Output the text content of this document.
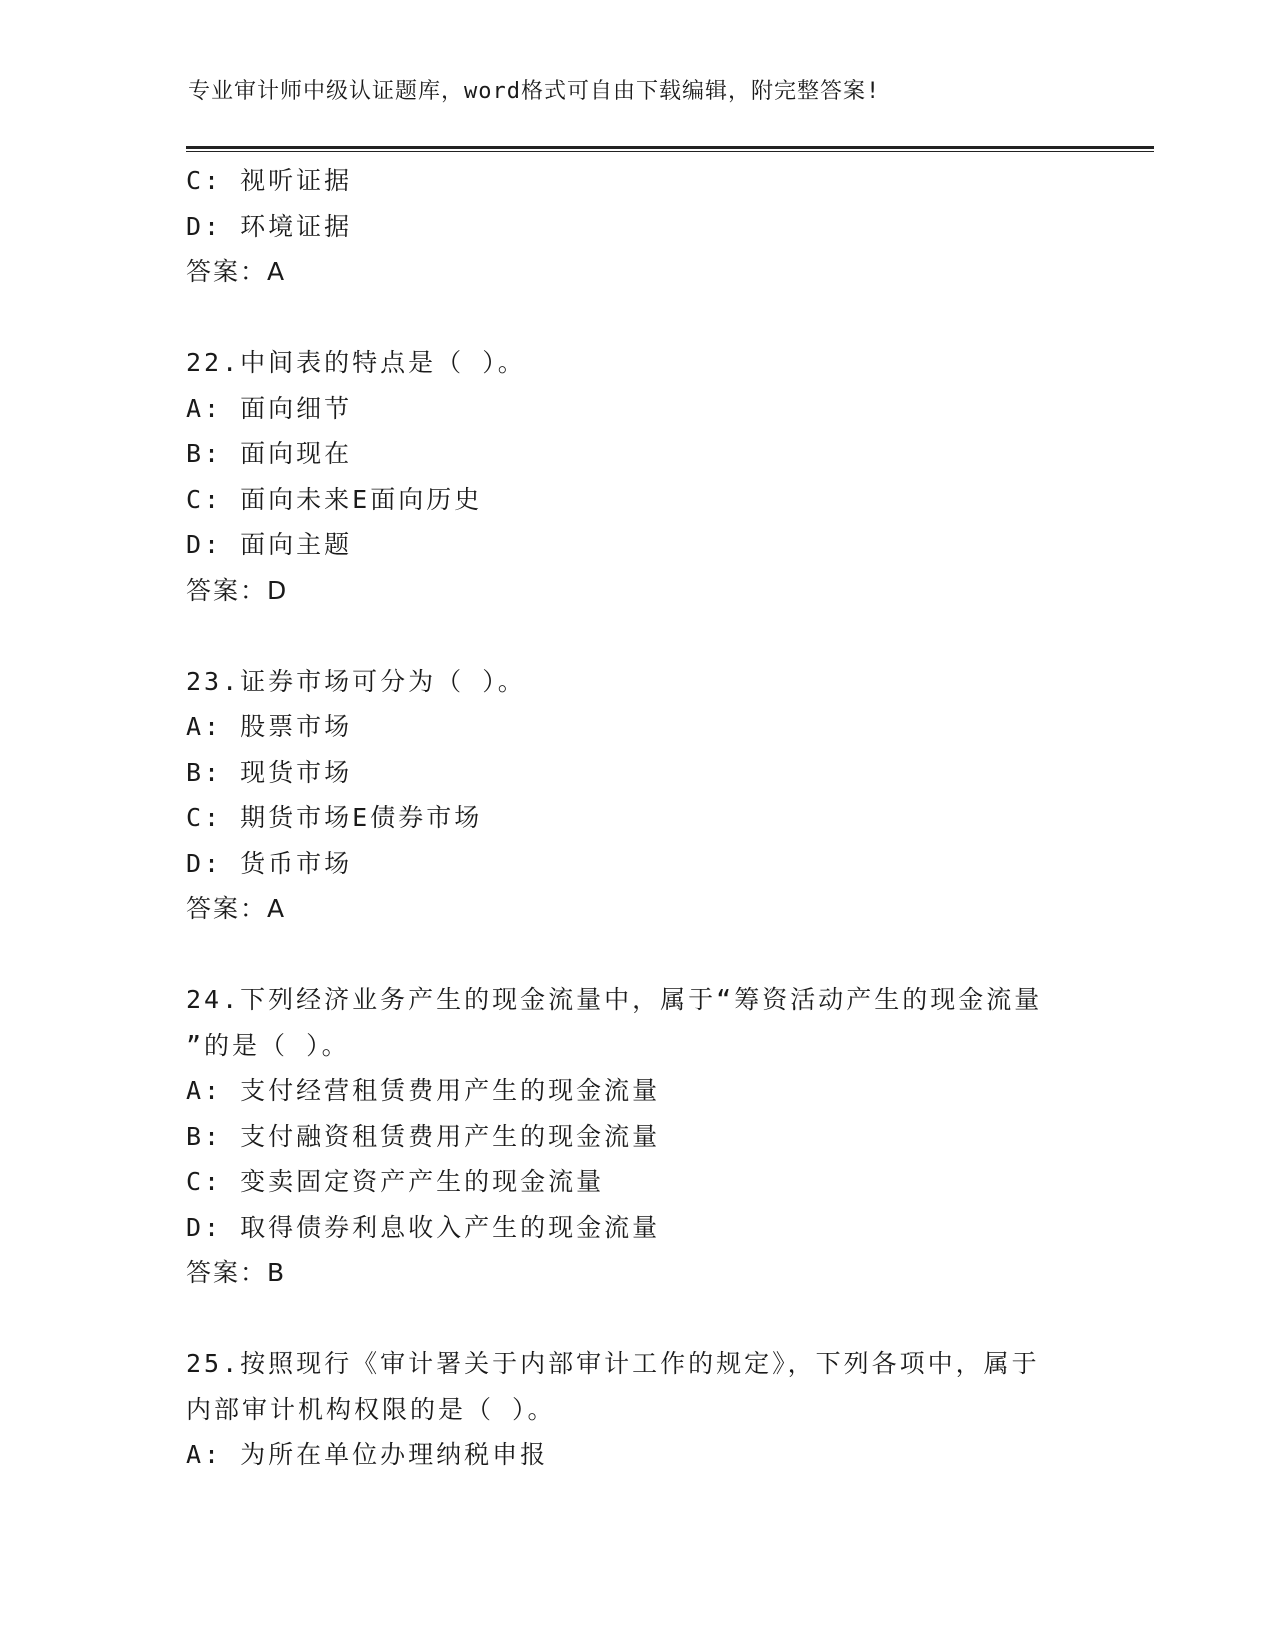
专业审计师中级认证题库，word格式可自由下载编辑，附完整答案!
C: 视听证据
D: 环境证据
答案：A
22.中间表的特点是（ ）。
A: 面向细节
B: 面向现在
C: 面向未来E面向历史
D: 面向主题
答案：D
23.证券市场可分为（ ）。
A: 股票市场
B: 现货市场
C: 期货市场E债券市场
D: 货币市场
答案：A
24.下列经济业务产生的现金流量中，属于“筹资活动产生的现金流量
”的是（ ）。
A: 支付经营租赁费用产生的现金流量
B: 支付融资租赁费用产生的现金流量
C: 变卖固定资产产生的现金流量
D: 取得债券利息收入产生的现金流量
答案：B
25.按照现行《审计署关于内部审计工作的规定》，下列各项中，属于
内部审计机构权限的是（ ）。
A: 为所在单位办理纳税申报
